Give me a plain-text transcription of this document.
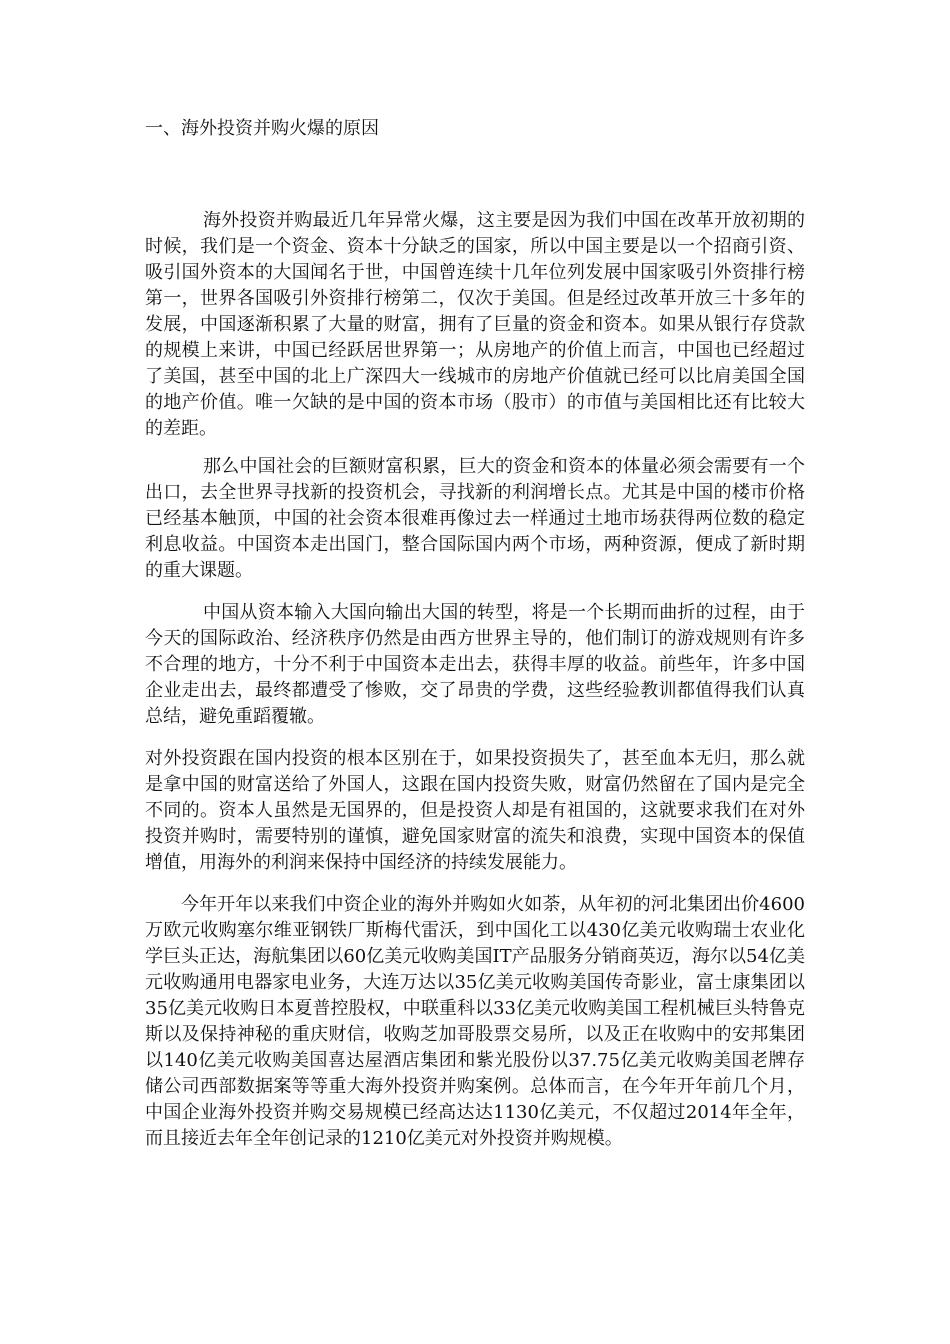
一、海外投资并购火爆的原因

海外投资并购最近几年异常火爆，这主要是因为我们中国在改革开放初期的时候，我们是一个资金、资本十分缺乏的国家，所以中国主要是以一个招商引资、吸引国外资本的大国闻名于世，中国曾连续十几年位列发展中国家吸引外资排行榜第一，世界各国吸引外资排行榜第二，仅次于美国。但是经过改革开放三十多年的发展，中国逐渐积累了大量的财富，拥有了巨量的资金和资本。如果从银行存贷款的规模上来讲，中国已经跃居世界第一；从房地产的价值上而言，中国也已经超过了美国，甚至中国的北上广深四大一线城市的房地产价值就已经可以比肩美国全国的地产价值。唯一欠缺的是中国的资本市场（股市）的市值与美国相比还有比较大的差距。

那么中国社会的巨额财富积累，巨大的资金和资本的体量必须会需要有一个出口，去全世界寻找新的投资机会，寻找新的利润增长点。尤其是中国的楼市价格已经基本触顶，中国的社会资本很难再像过去一样通过土地市场获得两位数的稳定利息收益。中国资本走出国门，整合国际国内两个市场，两种资源，便成了新时期的重大课题。

中国从资本输入大国向输出大国的转型，将是一个长期而曲折的过程，由于今天的国际政治、经济秩序仍然是由西方世界主导的，他们制订的游戏规则有许多不合理的地方，十分不利于中国资本走出去，获得丰厚的收益。前些年，许多中国企业走出去，最终都遭受了惨败，交了昂贵的学费，这些经验教训都值得我们认真总结，避免重蹈覆辙。

对外投资跟在国内投资的根本区别在于，如果投资损失了，甚至血本无归，那么就是拿中国的财富送给了外国人，这跟在国内投资失败，财富仍然留在了国内是完全不同的。资本人虽然是无国界的，但是投资人却是有祖国的，这就要求我们在对外投资并购时，需要特别的谨慎，避免国家财富的流失和浪费，实现中国资本的保值增值，用海外的利润来保持中国经济的持续发展能力。

今年开年以来我们中资企业的海外并购如火如荼，从年初的河北集团出价4600万欧元收购塞尔维亚钢铁厂斯梅代雷沃，到中国化工以430亿美元收购瑞士农业化学巨头正达，海航集团以60亿美元收购美国IT产品服务分销商英迈，海尔以54亿美元收购通用电器家电业务，大连万达以35亿美元收购美国传奇影业，富士康集团以35亿美元收购日本夏普控股权，中联重科以33亿美元收购美国工程机械巨头特鲁克斯以及保持神秘的重庆财信，收购芝加哥股票交易所，以及正在收购中的安邦集团以140亿美元收购美国喜达屋酒店集团和紫光股份以37.75亿美元收购美国老牌存储公司西部数据案等等重大海外投资并购案例。总体而言，在今年开年前几个月，中国企业海外投资并购交易规模已经高达达1130亿美元，不仅超过2014年全年，而且接近去年全年创记录的1210亿美元对外投资并购规模。
